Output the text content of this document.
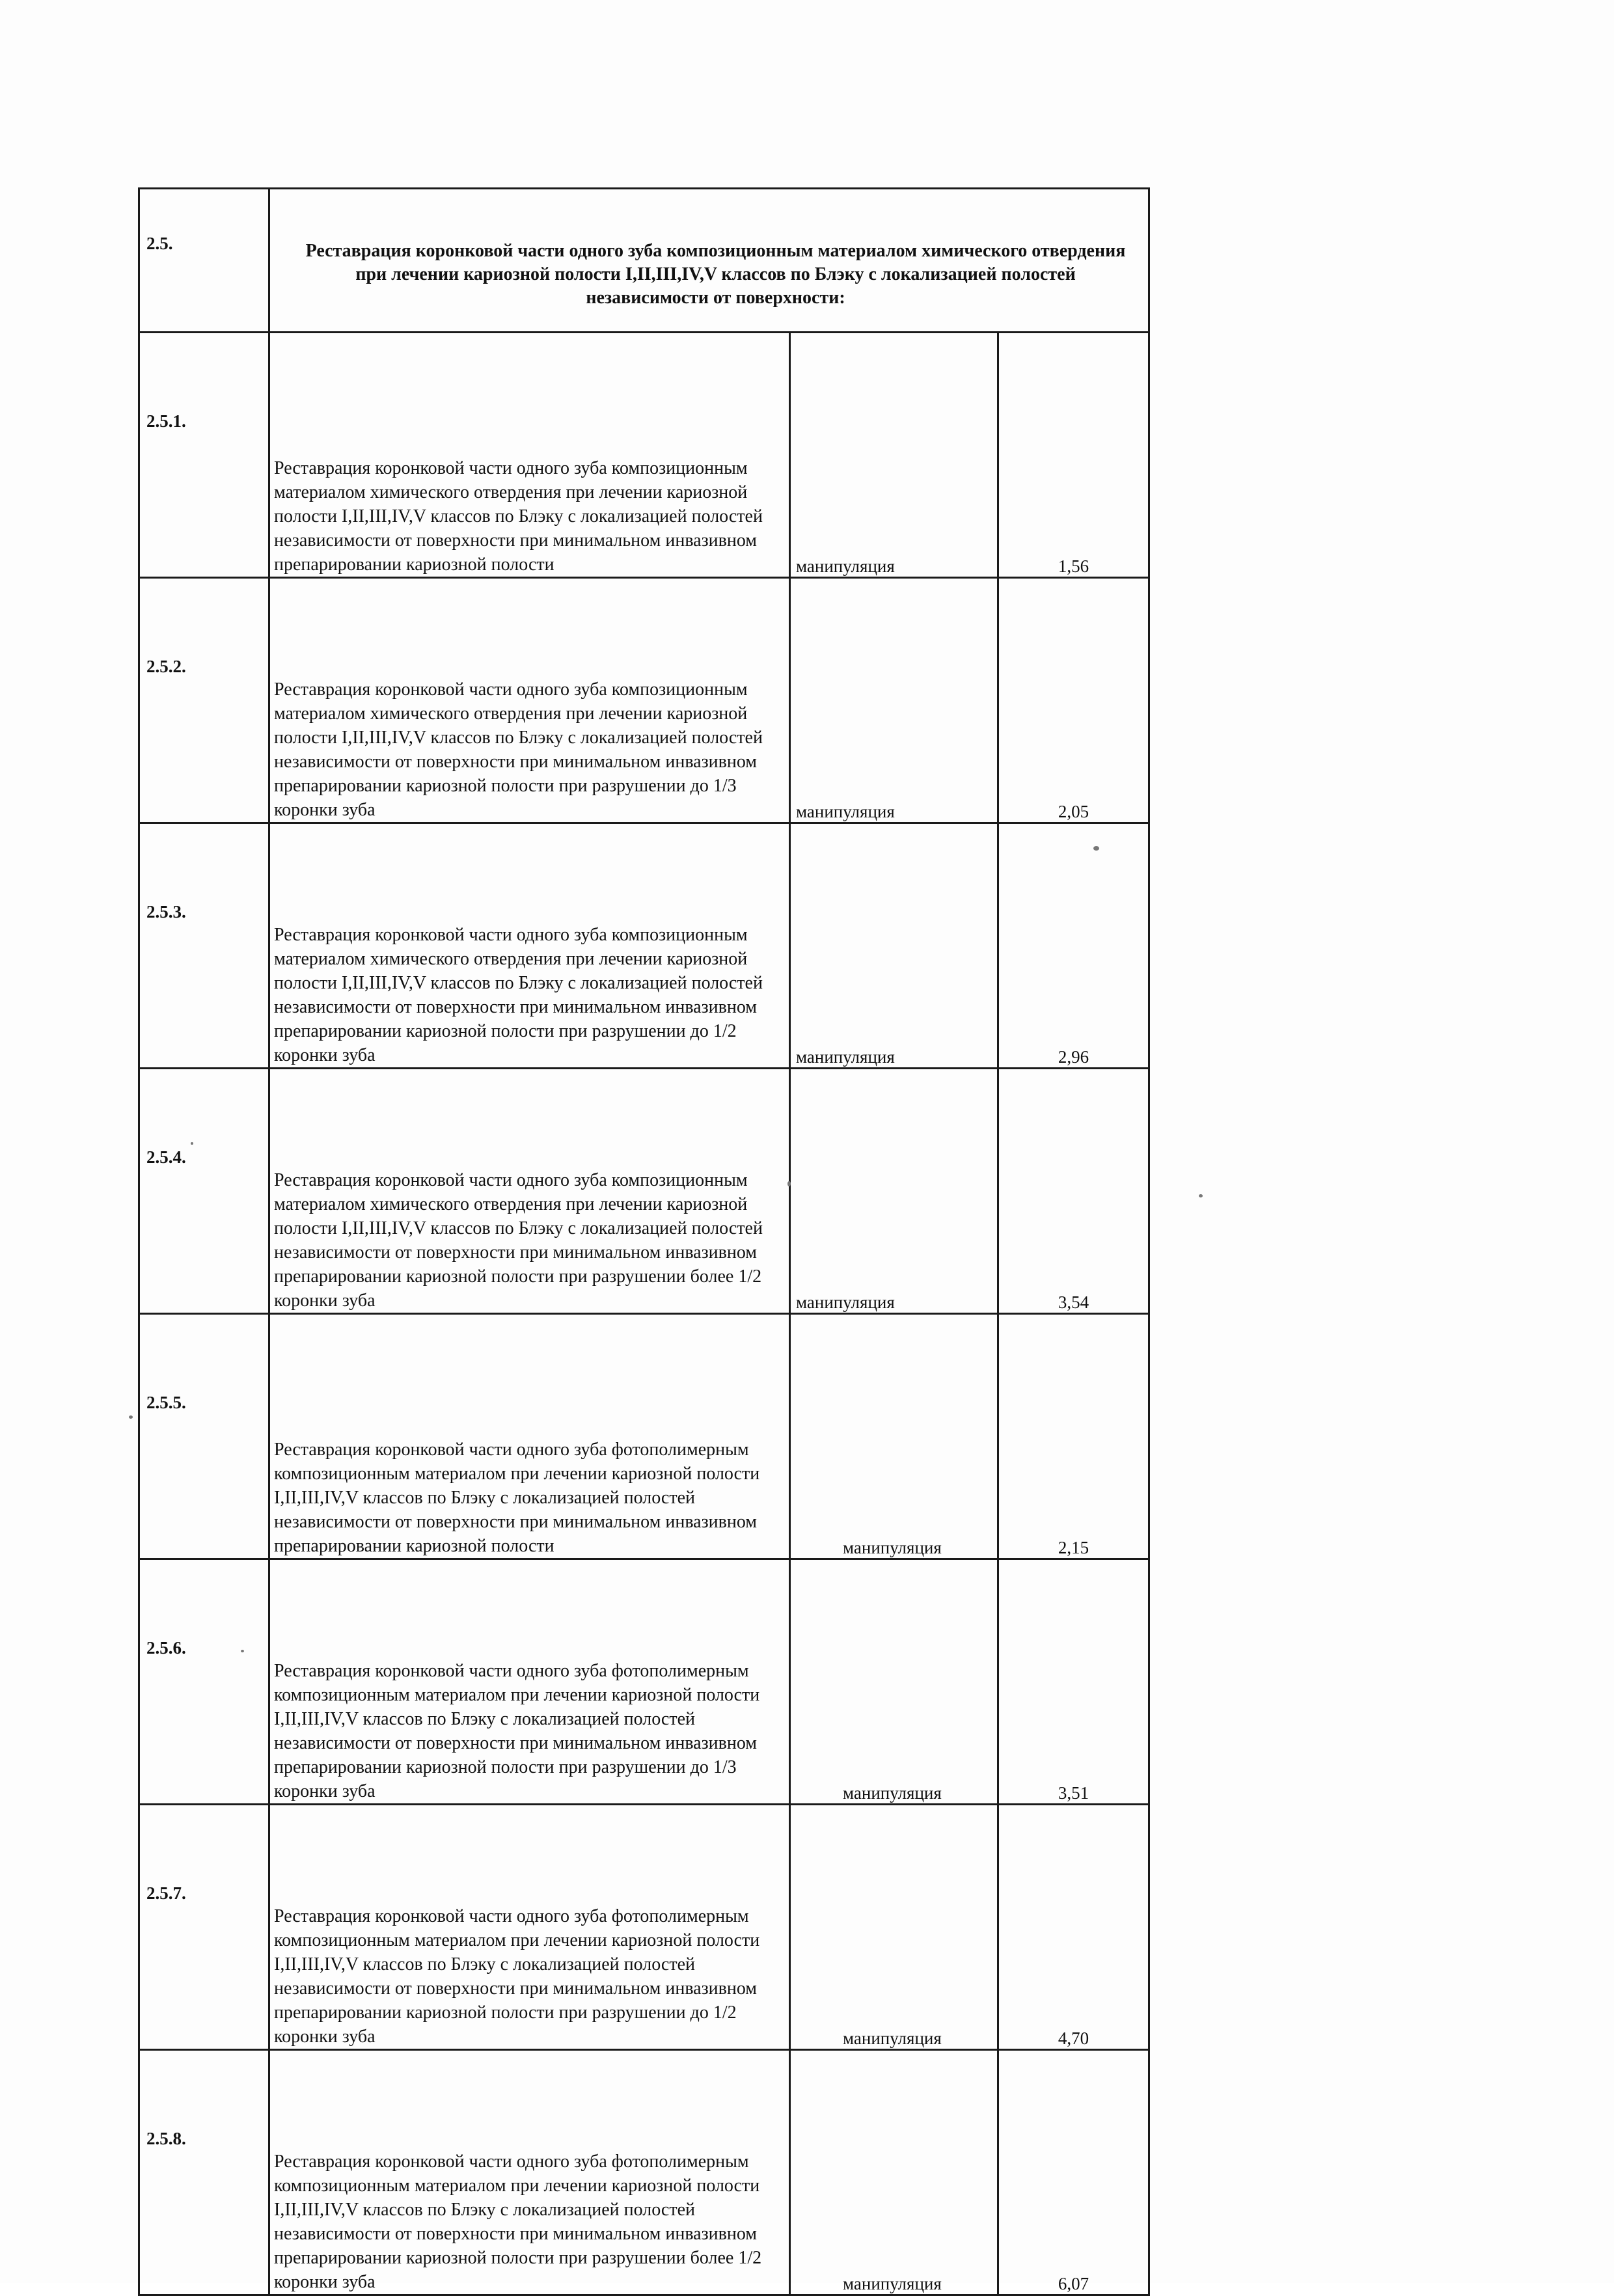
2.5.	Реставрация коронковой части одного зуба композиционным материалом химического отвердения при лечении кариозной полости I,II,III,IV,V классов по Блэку с локализацией полостей независимости от поверхности:		
2.5.1.	Реставрация коронковой части одного зуба композиционным материалом химического отвердения при лечении кариозной полости I,II,III,IV,V классов по Блэку с локализацией полостей независимости от поверхности при минимальном инвазивном препарировании кариозной полости	манипуляция	1,56
2.5.2.	Реставрация коронковой части одного зуба композиционным материалом химического отвердения при лечении кариозной полости I,II,III,IV,V классов по Блэку с локализацией полостей независимости от поверхности при минимальном инвазивном препарировании кариозной полости при разрушении до 1/3 коронки зуба	манипуляция	2,05
2.5.3.	Реставрация коронковой части одного зуба композиционным материалом химического отвердения при лечении кариозной полости I,II,III,IV,V классов по Блэку с локализацией полостей независимости от поверхности при минимальном инвазивном препарировании кариозной полости при разрушении до 1/2 коронки зуба	манипуляция	2,96
2.5.4.	Реставрация коронковой части одного зуба композиционным материалом химического отвердения при лечении кариозной полости I,II,III,IV,V классов по Блэку с локализацией полостей независимости от поверхности при минимальном инвазивном препарировании кариозной полости при разрушении более 1/2 коронки зуба	манипуляция	3,54
2.5.5.	Реставрация коронковой части одного зуба фотополимерным композиционным материалом при лечении кариозной полости I,II,III,IV,V классов по Блэку с локализацией полостей независимости от поверхности при минимальном инвазивном препарировании кариозной полости	манипуляция	2,15
2.5.6.	Реставрация коронковой части одного зуба фотополимерным композиционным материалом при лечении кариозной полости I,II,III,IV,V классов по Блэку с локализацией полостей независимости от поверхности при минимальном инвазивном препарировании кариозной полости при разрушении до 1/3 коронки зуба	манипуляция	3,51
2.5.7.	Реставрация коронковой части одного зуба фотополимерным композиционным материалом при лечении кариозной полости I,II,III,IV,V классов по Блэку с локализацией полостей независимости от поверхности при минимальном инвазивном препарировании кариозной полости при разрушении до 1/2 коронки зуба	манипуляция	4,70
2.5.8.	Реставрация коронковой части одного зуба фотополимерным композиционным материалом при лечении кариозной полости I,II,III,IV,V классов по Блэку с локализацией полостей независимости от поверхности при минимальном инвазивном препарировании кариозной полости при разрушении более 1/2 коронки зуба	манипуляция	6,07
